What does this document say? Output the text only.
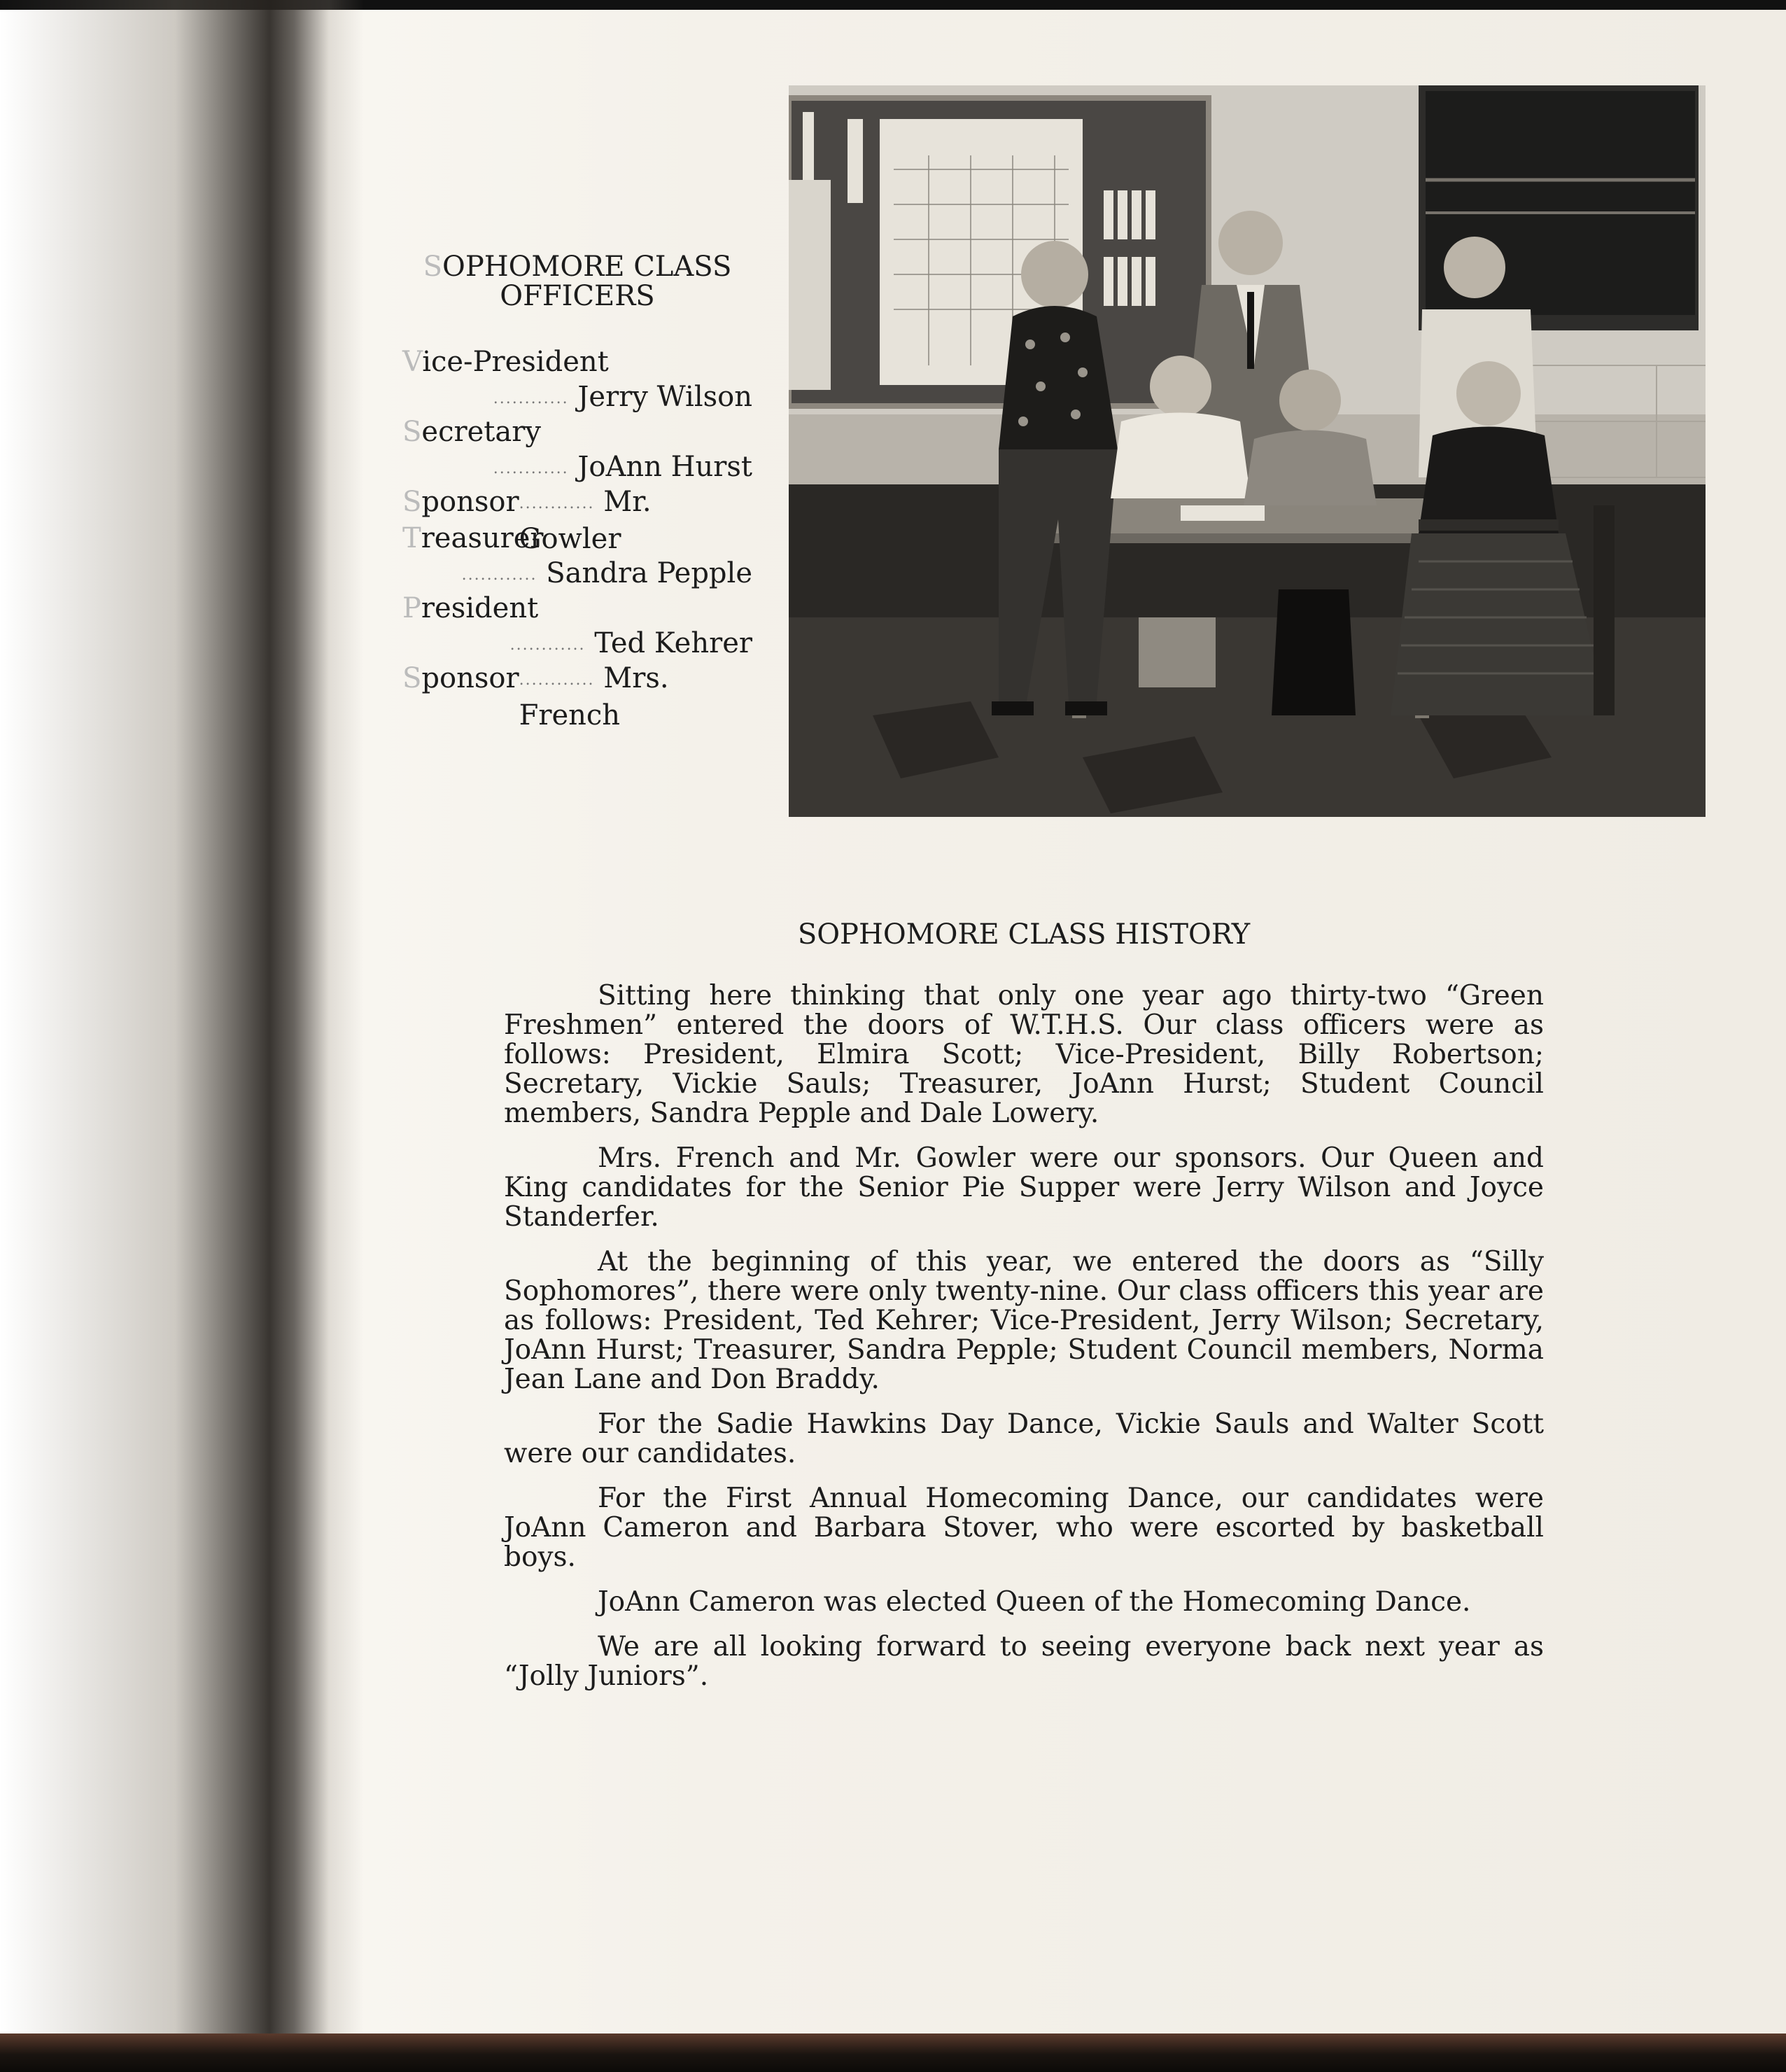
SOPHOMORE CLASS
OFFICERS
Vice-President
............ Jerry Wilson
Secretary
............ JoAnn Hurst
Sponsor ............ Mr. Gowler
Treasurer
............ Sandra Pepple
President
............ Ted Kehrer
Sponsor ............ Mrs. French
SOPHOMORE CLASS HISTORY

Sitting here thinking that only one year ago thirty-two “Green Freshmen” entered the doors of W.T.H.S. Our class officers were as follows: President, Elmira Scott; Vice-President, Billy Robertson; Secretary, Vickie Sauls; Treasurer, JoAnn Hurst; Student Council members, Sandra Pepple and Dale Lowery.

Mrs. French and Mr. Gowler were our sponsors. Our Queen and King candidates for the Senior Pie Supper were Jerry Wilson and Joyce Standerfer.

At the beginning of this year, we entered the doors as “Silly Sophomores”, there were only twenty-nine. Our class officers this year are as follows: President, Ted Kehrer; Vice-President, Jerry Wilson; Secretary, JoAnn Hurst; Treasurer, Sandra Pepple; Student Council members, Norma Jean Lane and Don Braddy.

For the Sadie Hawkins Day Dance, Vickie Sauls and Walter Scott were our candidates.

For the First Annual Homecoming Dance, our candidates were JoAnn Cameron and Barbara Stover, who were escorted by basketball boys.

JoAnn Cameron was elected Queen of the Homecoming Dance.

We are all looking forward to seeing everyone back next year as “Jolly Juniors”.
